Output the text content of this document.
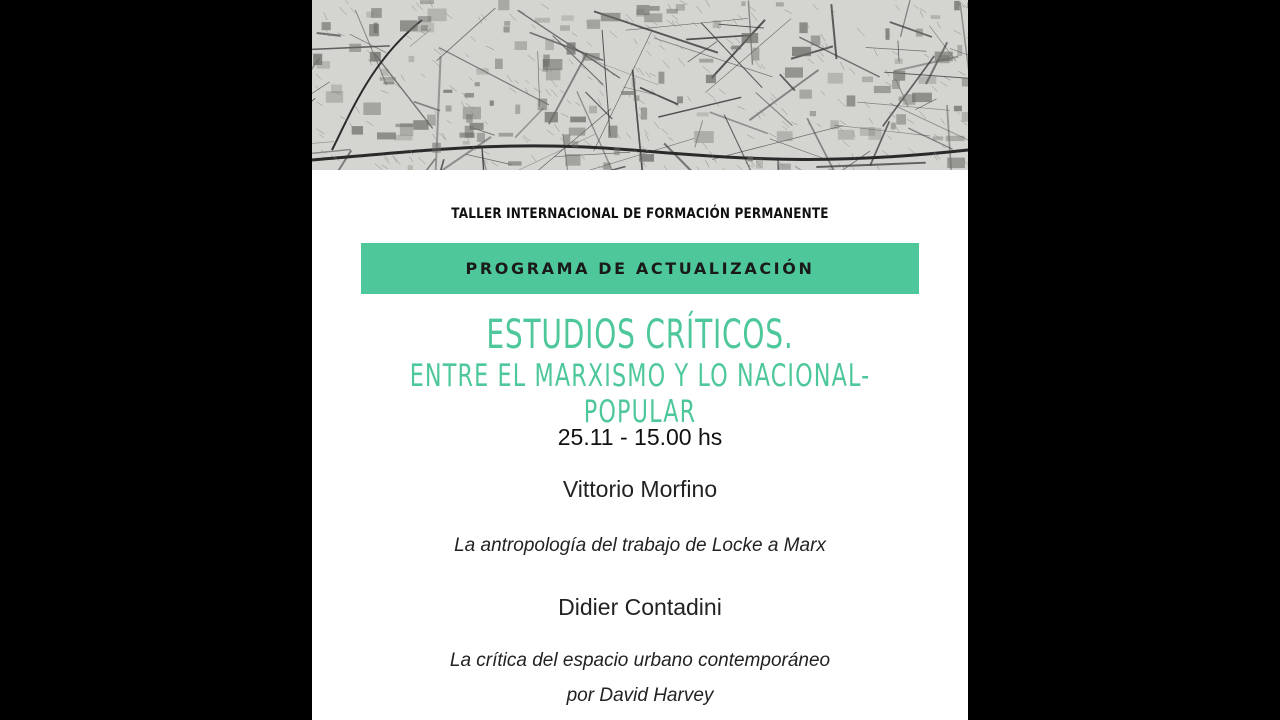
TALLER INTERNACIONAL DE FORMACIÓN PERMANENTE
PROGRAMA DE ACTUALIZACIÓN
ESTUDIOS CRÍTICOS.
ENTRE EL MARXISMO Y LO NACIONAL-POPULAR
25.11 - 15.00 hs
Vittorio Morfino
La antropología del trabajo de Locke a Marx
Didier Contadini
La crítica del espacio urbano contemporáneo
por David Harvey
